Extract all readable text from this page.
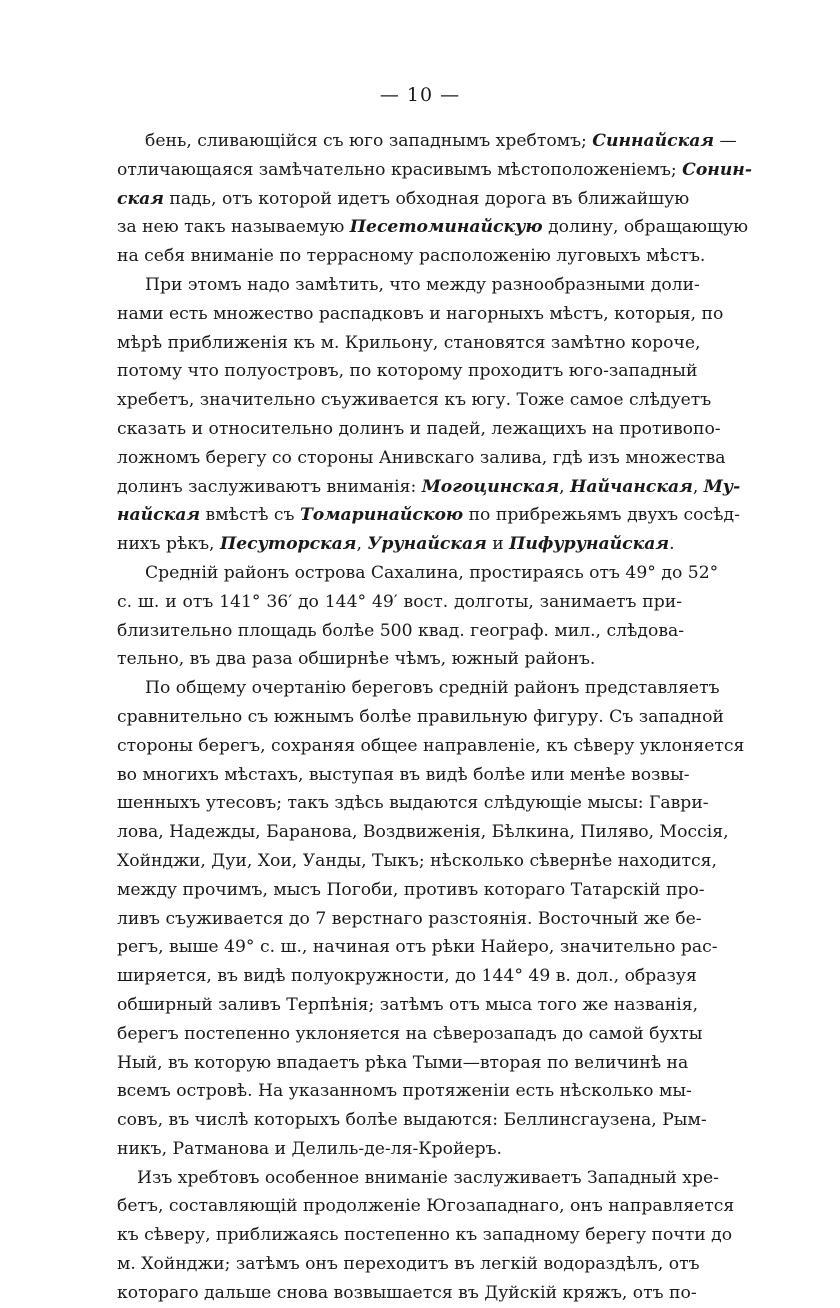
— 10 —
бень, сливающійся съ юго западнымъ хребтомъ; Синнайская —
отличающаяся замѣчательно красивымъ мѣстоположеніемъ; Сонин-
ская падь, отъ которой идетъ обходная дорога въ ближайшую
за нею такъ называемую Песетоминайскую долину, обращающую
на себя вниманіе по террасному расположенію луговыхъ мѣстъ.
При этомъ надо замѣтить, что между разнообразными доли-
нами есть множество распадковъ и нагорныхъ мѣстъ, которыя, по
мѣрѣ приближенія къ м. Крильону, становятся замѣтно короче,
потому что полуостровъ, по которому проходитъ юго-западный
хребетъ, значительно съуживается къ югу. Тоже самое слѣдуетъ
сказать и относительно долинъ и падей, лежащихъ на противопо-
ложномъ берегу со стороны Анивскаго залива, гдѣ изъ множества
долинъ заслуживаютъ вниманія: Могоцинская, Найчанская, Му-
найская вмѣстѣ съ Томаринайскою по прибрежьямъ двухъ сосѣд-
нихъ рѣкъ, Песуторская, Урунайская и Пифурунайская.
Средній районъ острова Сахалина, простираясь отъ 49° до 52°
с. ш. и отъ 141° 36′ до 144° 49′ вост. долготы, занимаетъ при-
близительно площадь болѣе 500 квад. географ. мил., слѣдова-
тельно, въ два раза обширнѣе чѣмъ, южный районъ.
По общему очертанію береговъ средній районъ представляетъ
сравнительно съ южнымъ болѣе правильную фигуру. Съ западной
стороны берегъ, сохраняя общее направленіе, къ сѣверу уклоняется
во многихъ мѣстахъ, выступая въ видѣ болѣе или менѣе возвы-
шенныхъ утесовъ; такъ здѣсь выдаются слѣдующіе мысы: Гаври-
лова, Надежды, Баранова, Воздвиженія, Бѣлкина, Пиляво, Моссія,
Хойнджи, Дуи, Хои, Уанды, Тыкъ; нѣсколько сѣвернѣе находится,
между прочимъ, мысъ Погоби, противъ котораго Татарскій про-
ливъ съуживается до 7 верстнаго разстоянія. Восточный же бе-
регъ, выше 49° с. ш., начиная отъ рѣки Найеро, значительно рас-
ширяется, въ видѣ полуокружности, до 144° 49 в. дол., образуя
обширный заливъ Терпѣнія; затѣмъ отъ мыса того же названія,
берегъ постепенно уклоняется на сѣверозападъ до самой бухты
Ный, въ которую впадаетъ рѣка Тыми—вторая по величинѣ на
всемъ островѣ. На указанномъ протяженіи есть нѣсколько мы-
совъ, въ числѣ которыхъ болѣе выдаются: Беллинсгаузена, Рым-
никъ, Ратманова и Делиль-де-ля-Кройеръ.
Изъ хребтовъ особенное вниманіе заслуживаетъ Западный хре-
бетъ, составляющій продолженіе Югозападнаго, онъ направляется
къ сѣверу, приближаясь постепенно къ западному берегу почти до
м. Хойнджи; затѣмъ онъ переходитъ въ легкій водораздѣлъ, отъ
котораго дальше снова возвышается въ Дуйскій кряжъ, отъ по-
